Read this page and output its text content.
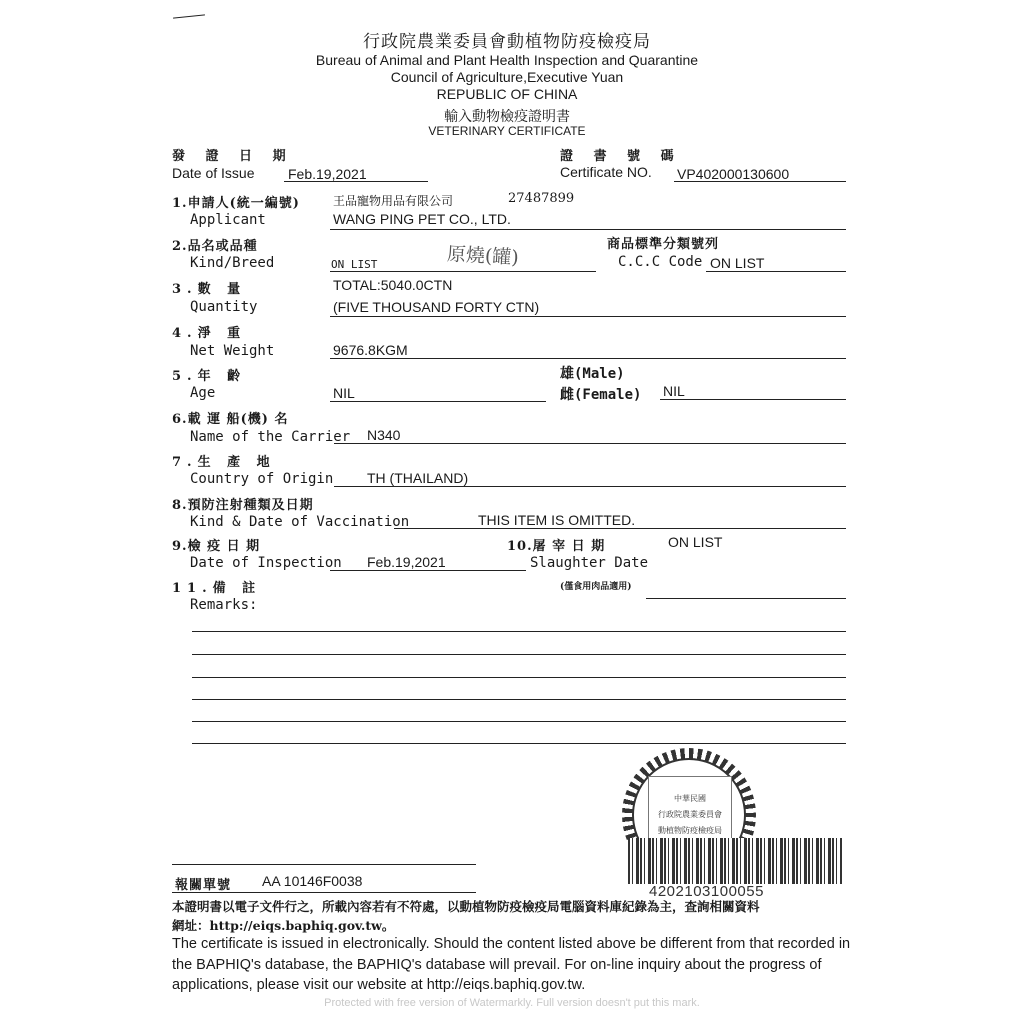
行政院農業委員會動植物防疫檢疫局
Bureau of Animal and Plant Health Inspection and Quarantine
Council of Agriculture,Executive Yuan
REPUBLIC OF CHINA
輸入動物檢疫證明書
VETERINARY CERTIFICATE
發 證 日 期
Date of Issue Feb.19,2021
證 書 號 碼
Certificate NO. VP402000130600
1.申請人(統一編號)	王品寵物用品有限公司	27487899
Applicant	WANG PING PET CO., LTD.
2.品名或品種
Kind/Breed	ON LIST	原燒(罐)	商品標準分類號列
C.C.C Code ON LIST
3.數 量	TOTAL:5040.0CTN
Quantity	(FIVE THOUSAND FORTY CTN)
4.淨 重
Net Weight	9676.8KGM
5.年 齡
Age	NIL
雄(Male)
雌(Female) NIL
6.載 運 船(機) 名
Name of the Carrier N340
7.生 產 地
Country of Origin TH (THAILAND)
8.預防注射種類及日期
Kind & Date of Vaccination	THIS ITEM IS OMITTED.
9.檢 疫 日 期
Date of Inspection Feb.19,2021
10.屠 宰 日 期
Slaughter Date
ON LIST
(僅食用肉品適用)
11.備 註
Remarks:
中華民國
行政院農業委員會
動植物防疫檢疫局
4202103100055
報關單號 AA 10146F0038
本證明書以電子文件行之，所載內容若有不符處，以動植物防疫檢疫局電腦資料庫紀錄為主，查詢相關資料
網址：http://eiqs.baphiq.gov.tw。
The certificate is issued in electronically. Should the content listed above be different from that recorded in the BAPHIQ's database, the BAPHIQ's database will prevail. For on-line inquiry about the progress of applications, please visit our website at http://eiqs.baphiq.gov.tw.
Protected with free version of Watermarkly. Full version doesn't put this mark.
